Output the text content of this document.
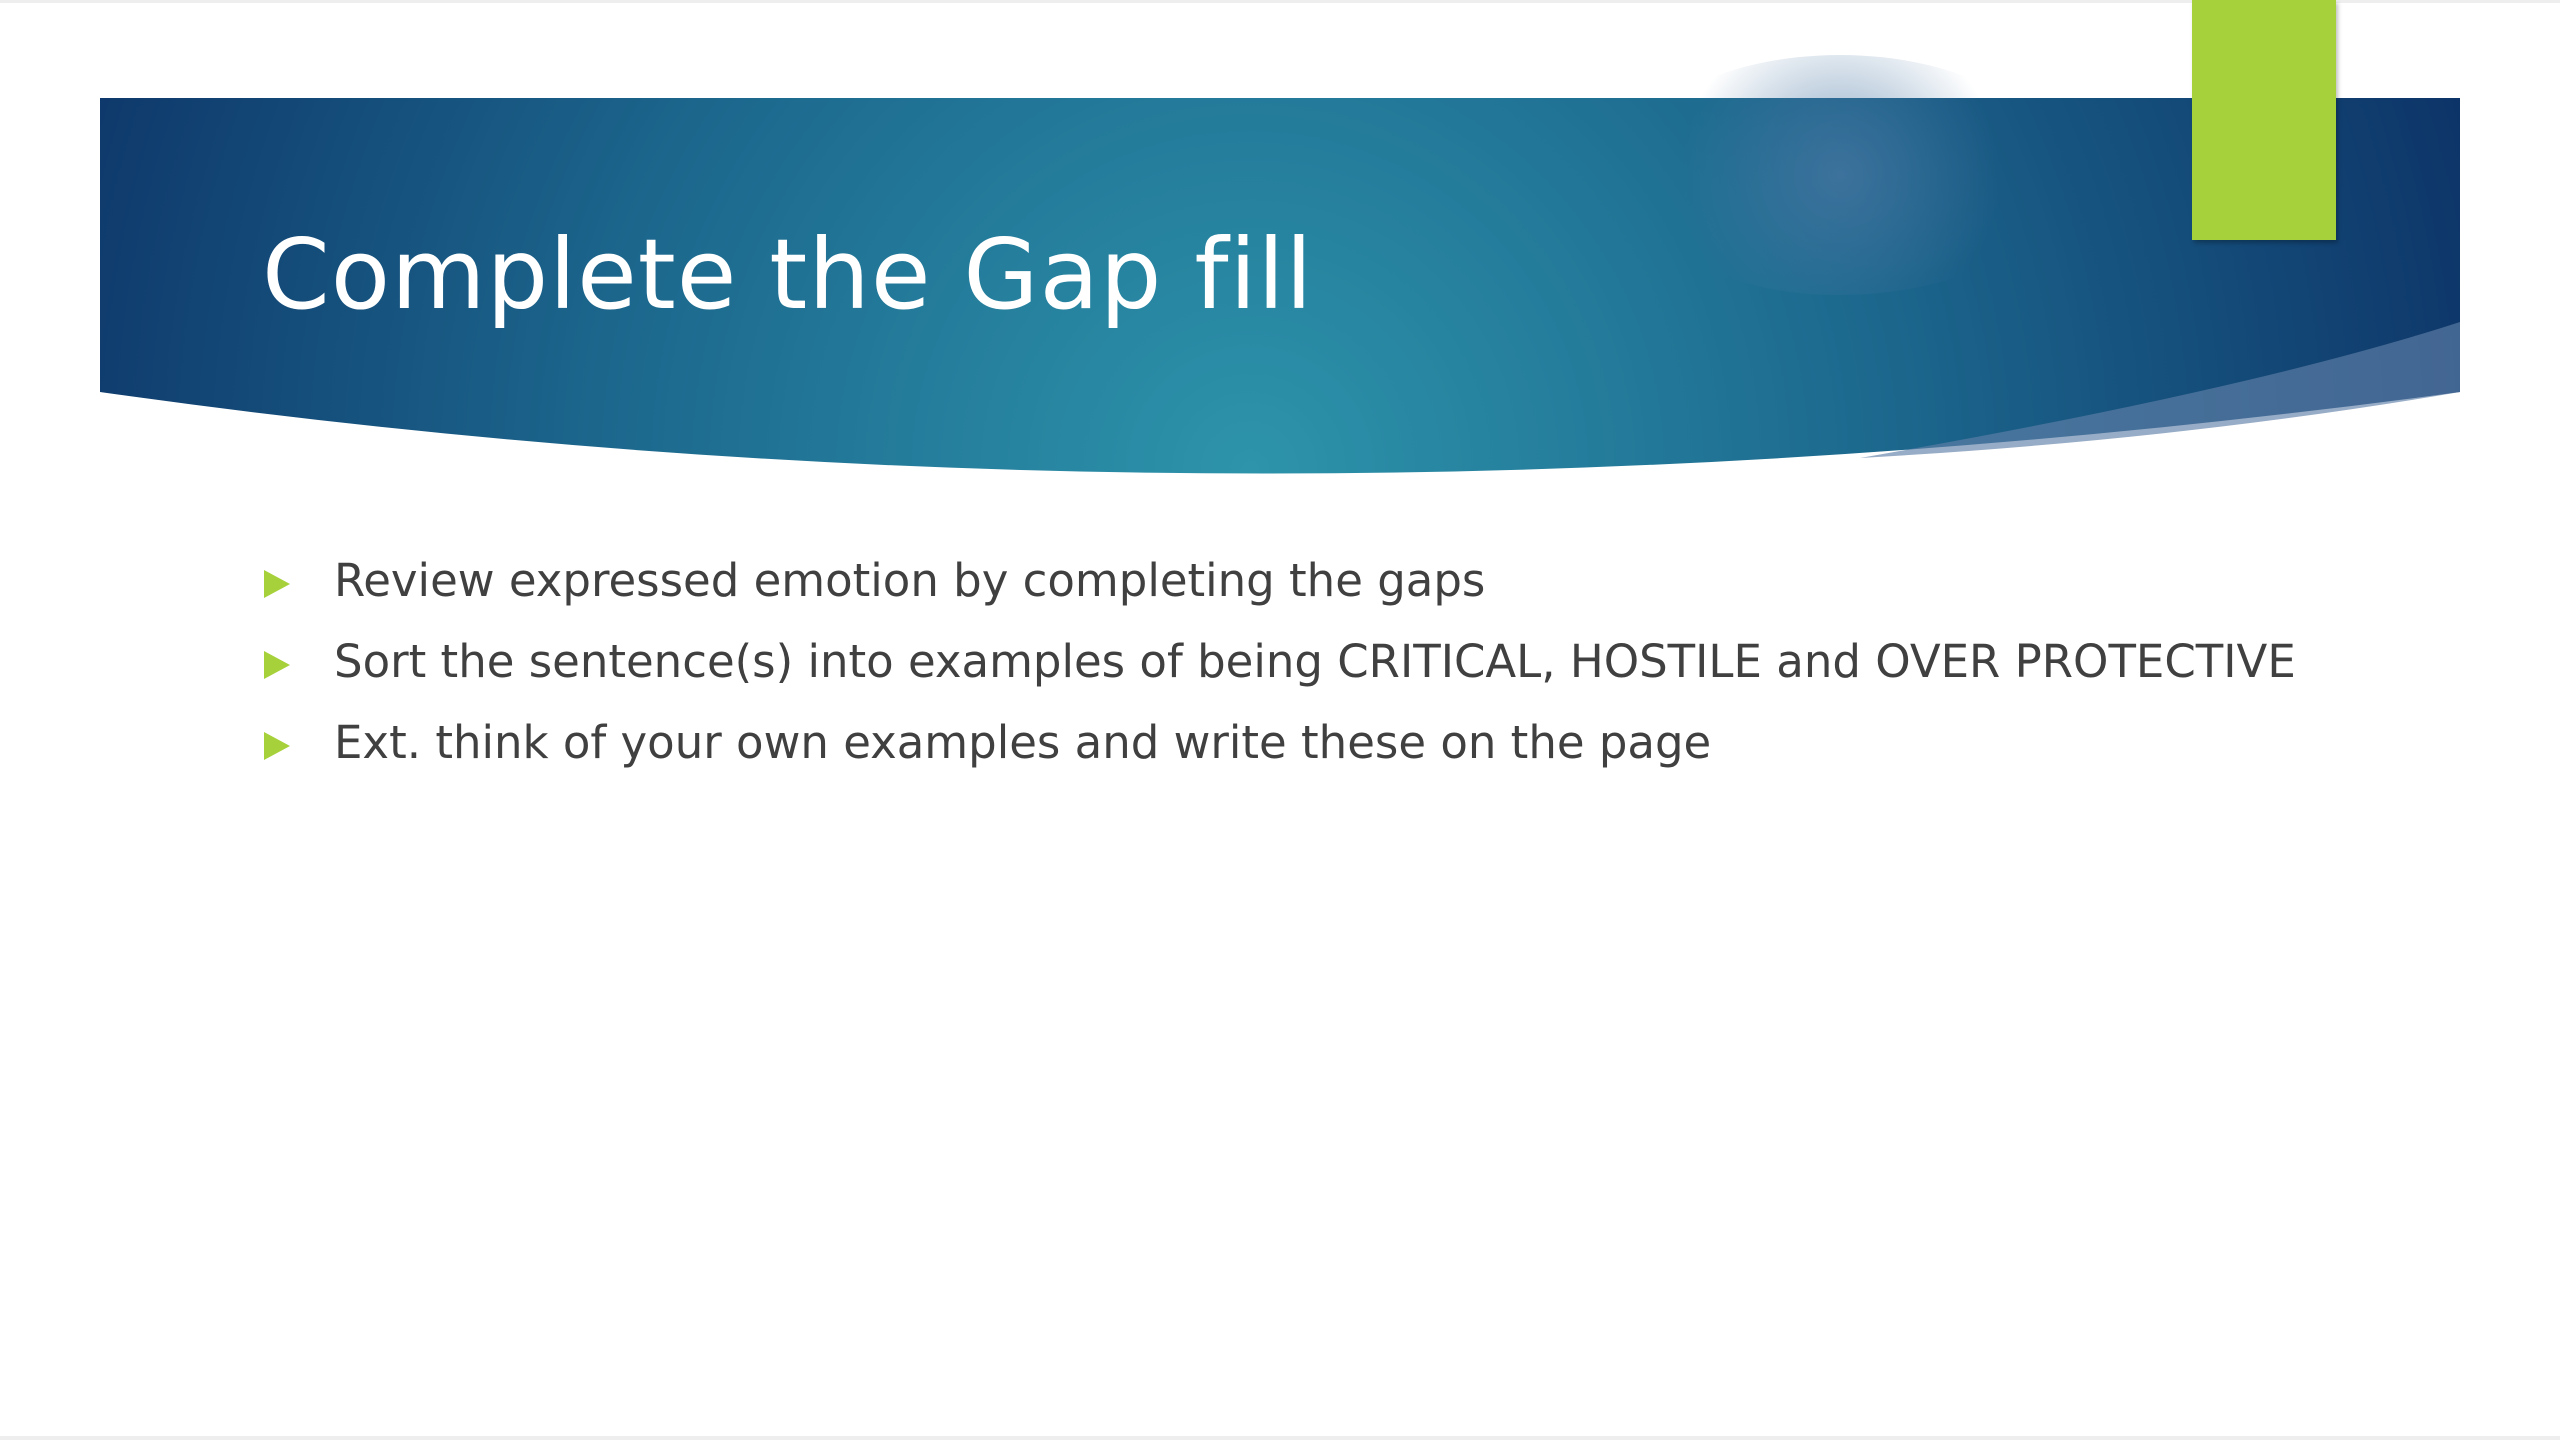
Complete the Gap fill
Review expressed emotion by completing the gaps
Sort the sentence(s) into examples of being CRITICAL, HOSTILE and OVER PROTECTIVE
Ext. think of your own examples and write these on the page
